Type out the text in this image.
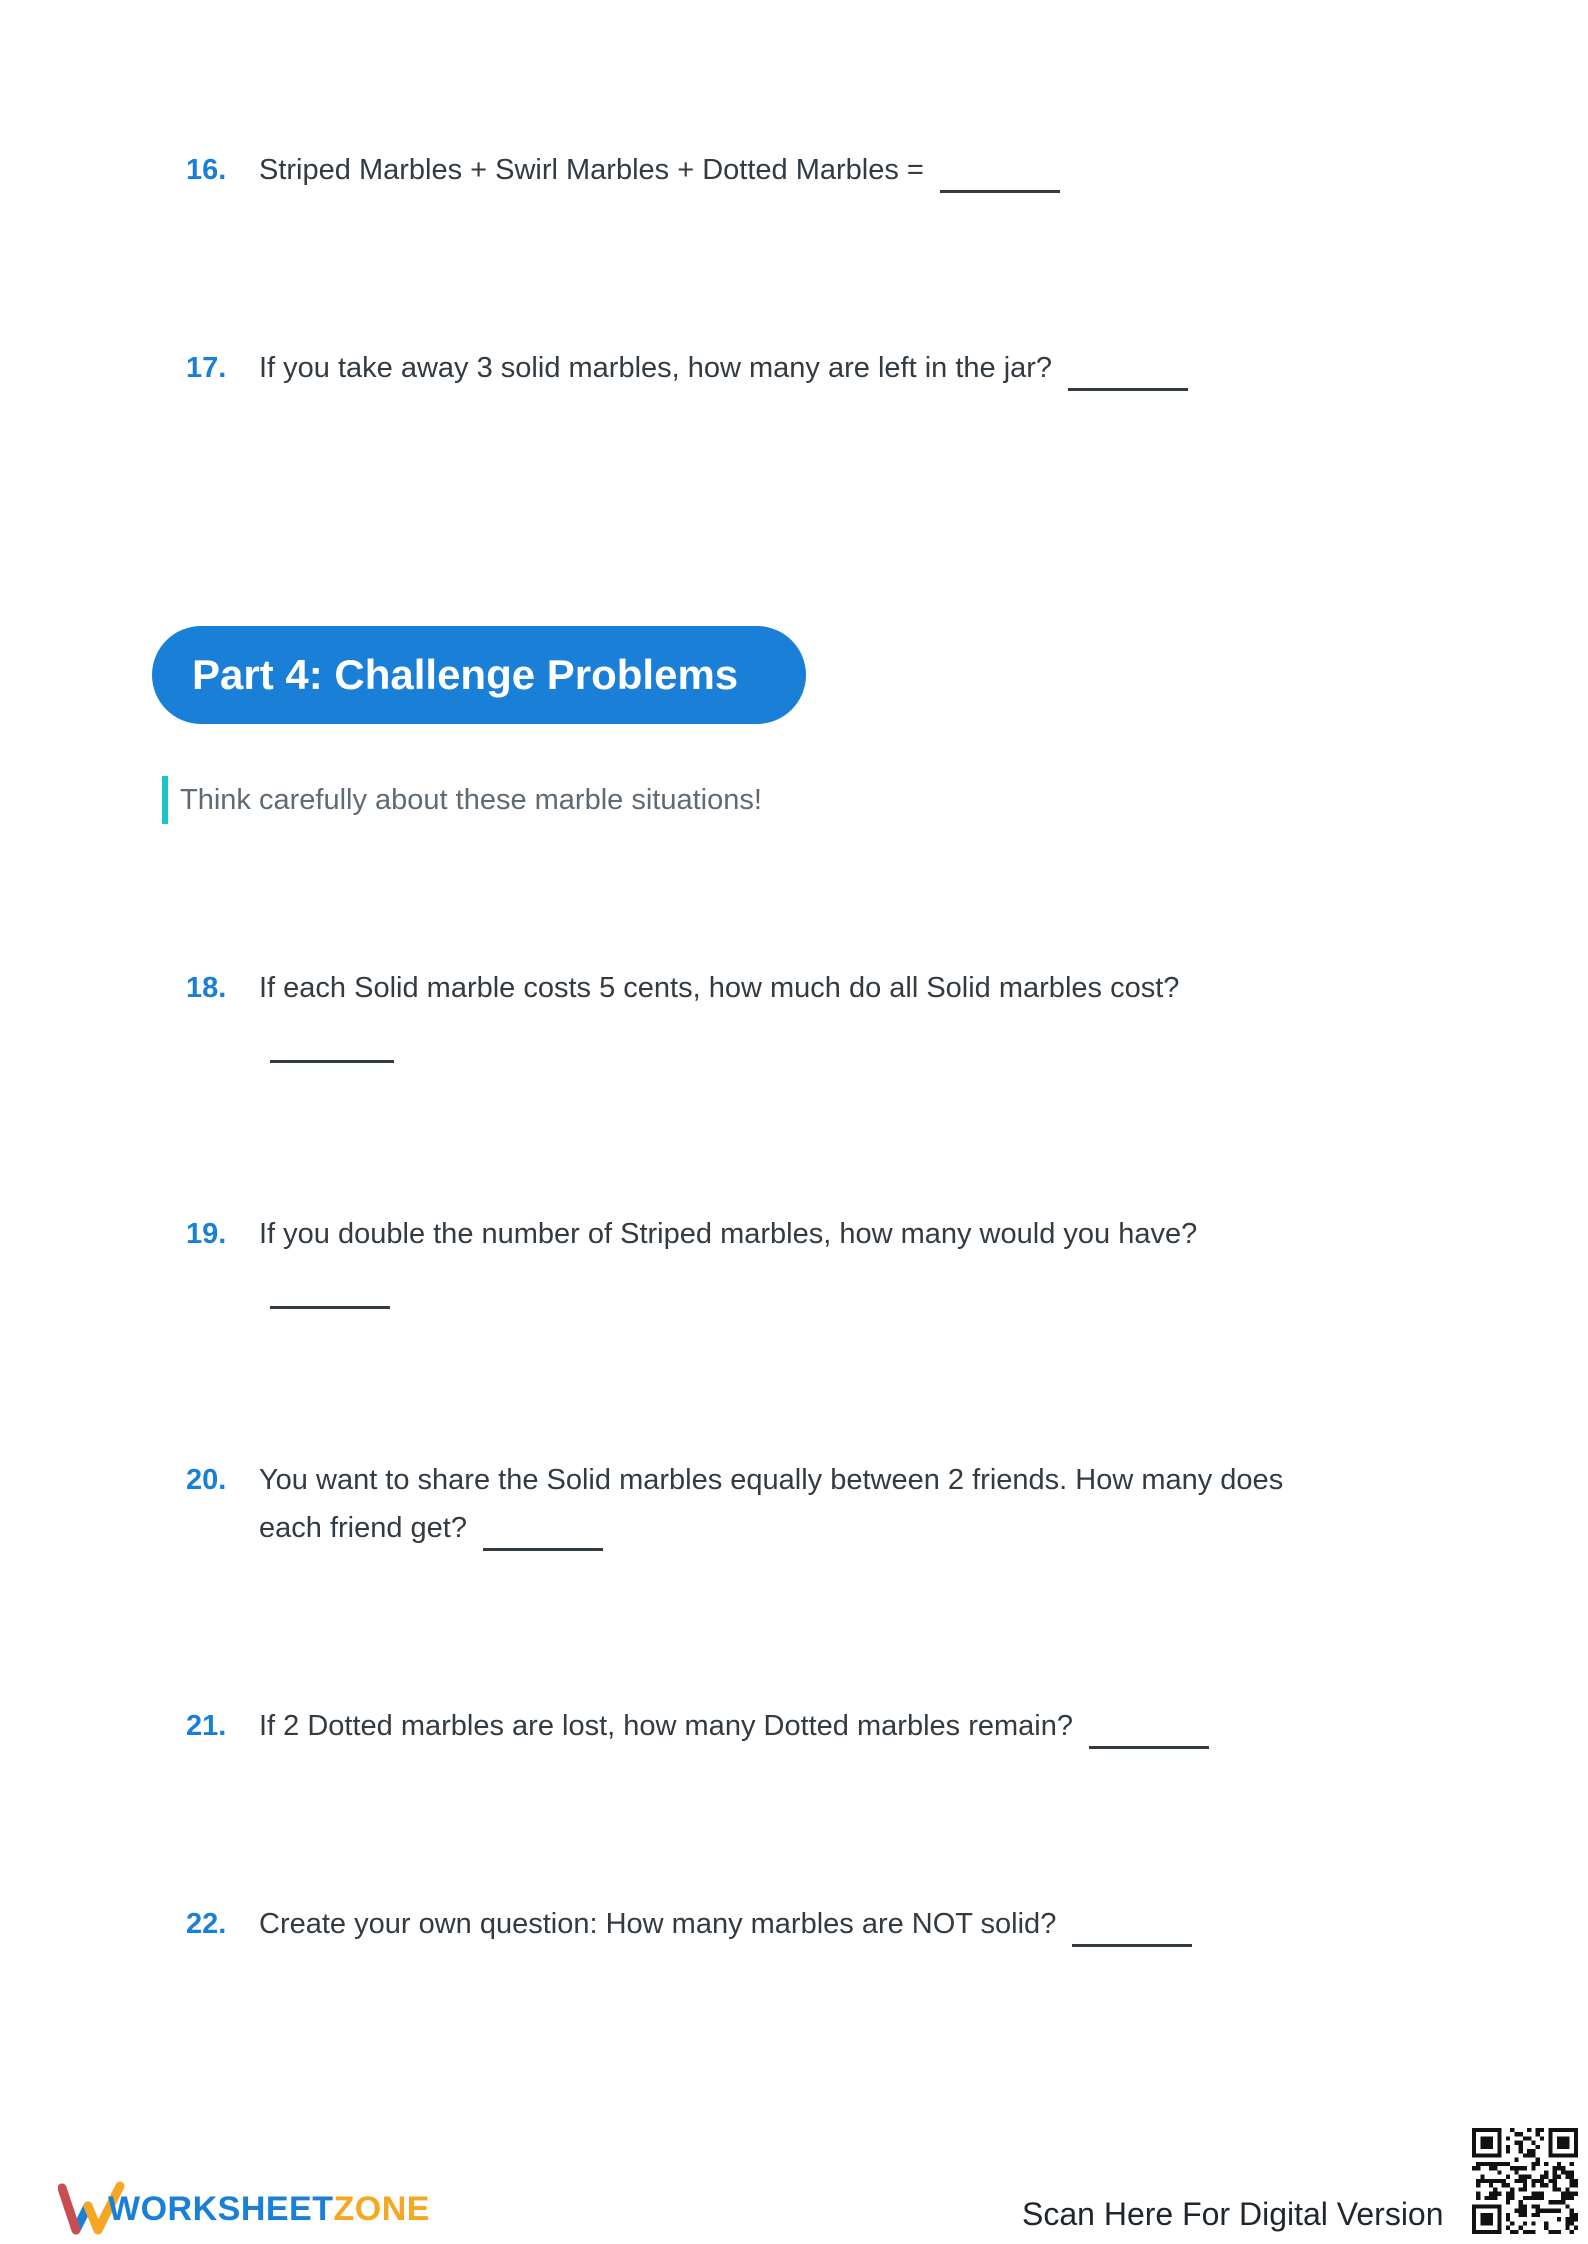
16.	Striped Marbles + Swirl Marbles + Dotted Marbles =
17.	If you take away 3 solid marbles, how many are left in the jar?
Part 4: Challenge Problems
Think carefully about these marble situations!
18.	If each Solid marble costs 5 cents, how much do all Solid marbles cost?
19.	If you double the number of Striped marbles, how many would you have?
20.	You want to share the Solid marbles equally between 2 friends. How many does each friend get?
21.	If 2 Dotted marbles are lost, how many Dotted marbles remain?
22.	Create your own question: How many marbles are NOT solid?
WORKSHEETZONE	Scan Here For Digital Version
